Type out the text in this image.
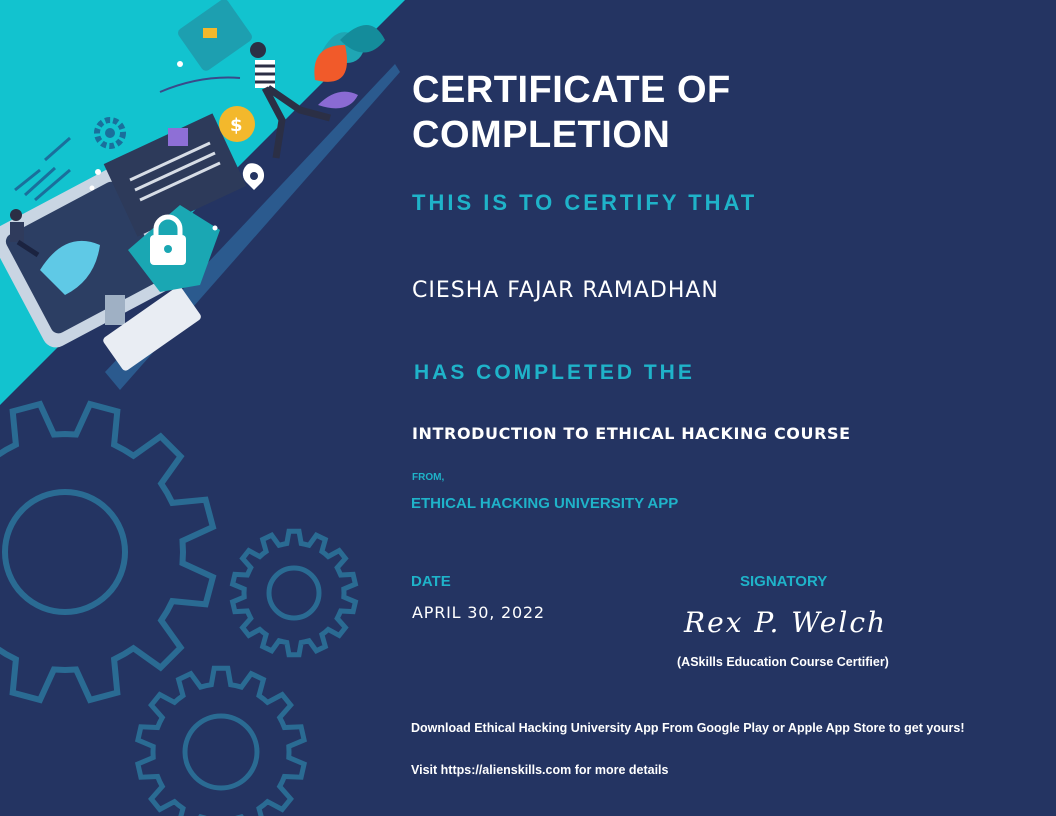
$
CERTIFICATE OF
COMPLETION

THIS IS TO CERTIFY THAT

CIESHA FAJAR RAMADHAN

HAS COMPLETED THE

INTRODUCTION TO ETHICAL HACKING COURSE

FROM,

ETHICAL HACKING UNIVERSITY APP

DATE

APRIL 30, 2022

SIGNATORY

Rex P. Welch

(ASkills Education Course Certifier)

Download Ethical Hacking University App From Google Play or Apple App Store to get yours!

Visit https://alienskills.com for more details
